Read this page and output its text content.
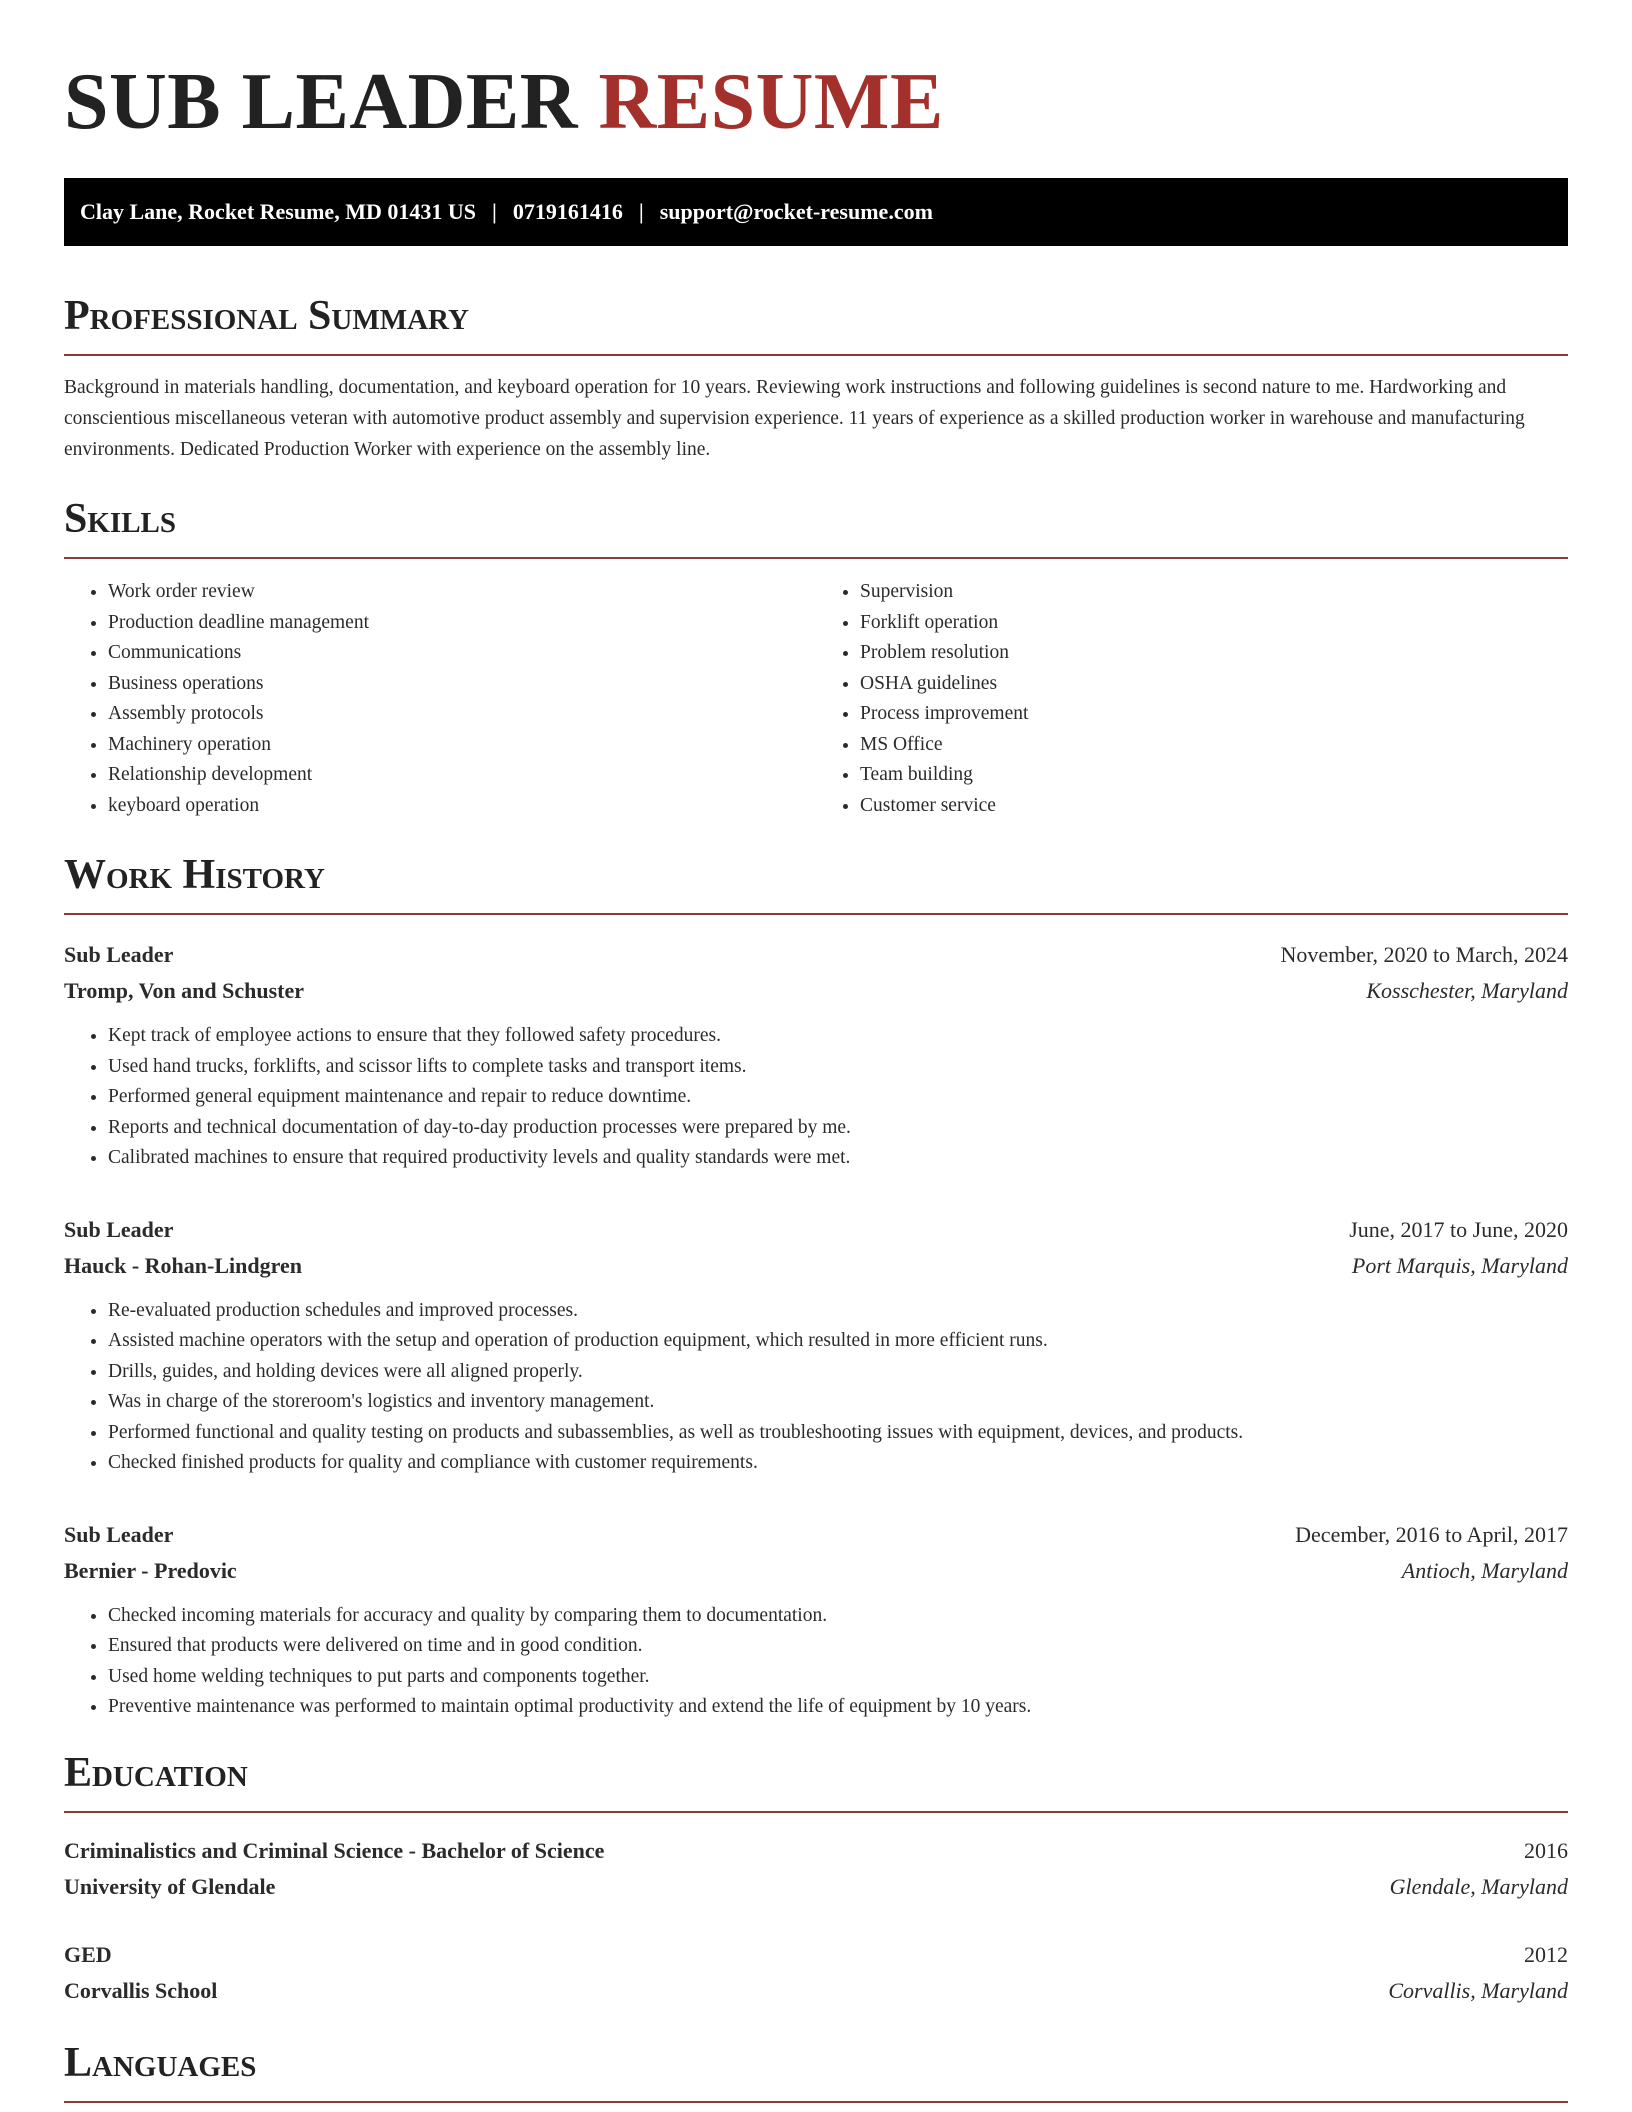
SUB LEADER RESUME
Clay Lane, Rocket Resume, MD 01431 US | 0719161416 | support@rocket-resume.com
Professional Summary

Background in materials handling, documentation, and keyboard operation for 10 years. Reviewing work instructions and following guidelines is second nature to me. Hardworking and conscientious miscellaneous veteran with automotive product assembly and supervision experience. 11 years of experience as a skilled production worker in warehouse and manufacturing environments. Dedicated Production Worker with experience on the assembly line.

Skills
• Work order review
• Production deadline management
• Communications
• Business operations
• Assembly protocols
• Machinery operation
• Relationship development
• keyboard operation
• Supervision
• Forklift operation
• Problem resolution
• OSHA guidelines
• Process improvement
• MS Office
• Team building
• Customer service
Work History
Sub Leader	November, 2020 to March, 2024
Tromp, Von and Schuster	Kosschester, Maryland
• Kept track of employee actions to ensure that they followed safety procedures.
• Used hand trucks, forklifts, and scissor lifts to complete tasks and transport items.
• Performed general equipment maintenance and repair to reduce downtime.
• Reports and technical documentation of day-to-day production processes were prepared by me.
• Calibrated machines to ensure that required productivity levels and quality standards were met.
Sub Leader	June, 2017 to June, 2020
Hauck - Rohan-Lindgren	Port Marquis, Maryland
• Re-evaluated production schedules and improved processes.
• Assisted machine operators with the setup and operation of production equipment, which resulted in more efficient runs.
• Drills, guides, and holding devices were all aligned properly.
• Was in charge of the storeroom's logistics and inventory management.
• Performed functional and quality testing on products and subassemblies, as well as troubleshooting issues with equipment, devices, and products.
• Checked finished products for quality and compliance with customer requirements.
Sub Leader	December, 2016 to April, 2017
Bernier - Predovic	Antioch, Maryland
• Checked incoming materials for accuracy and quality by comparing them to documentation.
• Ensured that products were delivered on time and in good condition.
• Used home welding techniques to put parts and components together.
• Preventive maintenance was performed to maintain optimal productivity and extend the life of equipment by 10 years.
Education
Criminalistics and Criminal Science - Bachelor of Science	2016
University of Glendale	Glendale, Maryland
GED	2012
Corvallis School	Corvallis, Maryland
Languages
